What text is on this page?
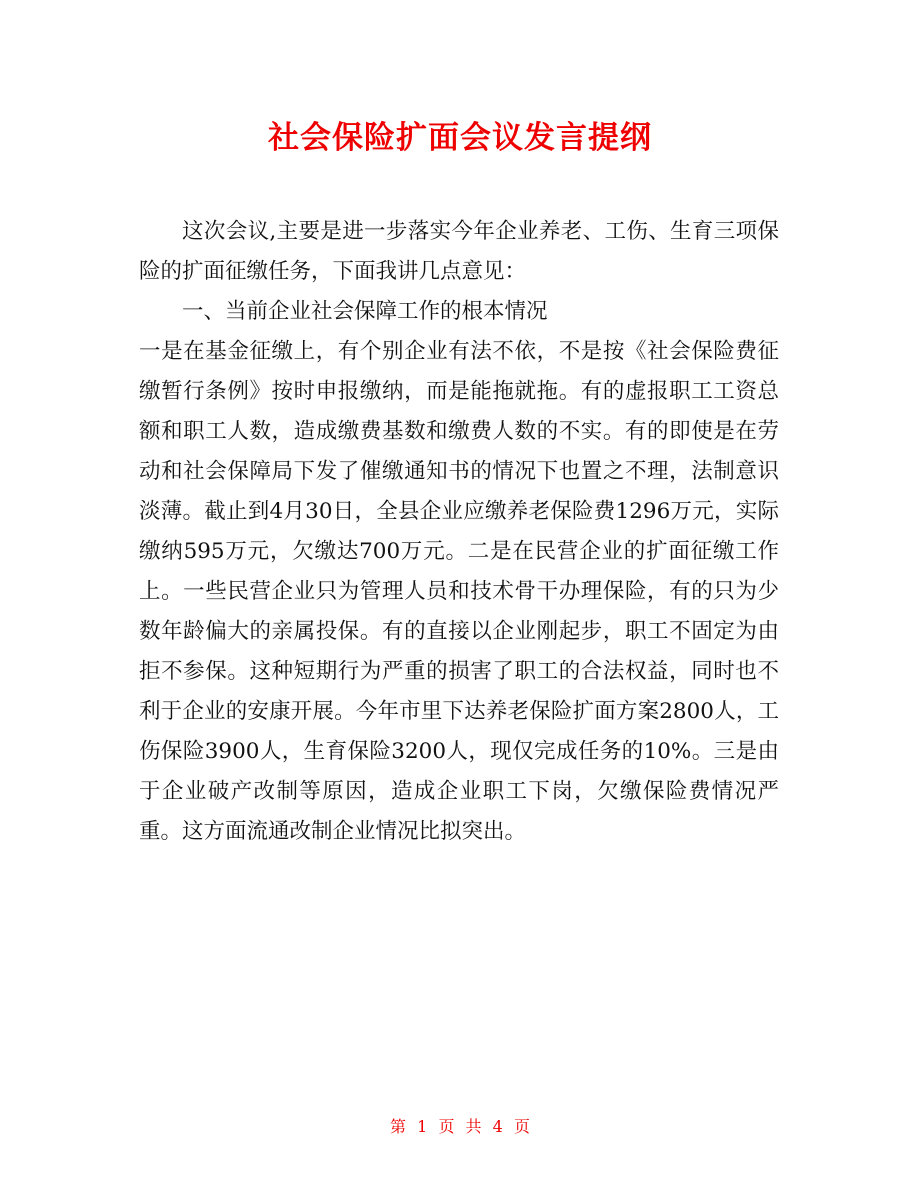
社会保险扩面会议发言提纲

这次会议,主要是进一步落实今年企业养老、工伤、生育三项保险的扩面征缴任务，下面我讲几点意见：

一、当前企业社会保障工作的根本情况

一是在基金征缴上，有个别企业有法不依，不是按《社会保险费征缴暂行条例》按时申报缴纳，而是能拖就拖。有的虚报职工工资总额和职工人数，造成缴费基数和缴费人数的不实。有的即使是在劳动和社会保障局下发了催缴通知书的情况下也置之不理，法制意识淡薄。截止到4月30日，全县企业应缴养老保险费1296万元，实际缴纳595万元，欠缴达700万元。二是在民营企业的扩面征缴工作上。一些民营企业只为管理人员和技术骨干办理保险，有的只为少数年龄偏大的亲属投保。有的直接以企业刚起步，职工不固定为由拒不参保。这种短期行为严重的损害了职工的合法权益，同时也不利于企业的安康开展。今年市里下达养老保险扩面方案2800人，工伤保险3900人，生育保险3200人，现仅完成任务的10%。三是由于企业破产改制等原因，造成企业职工下岗，欠缴保险费情况严重。这方面流通改制企业情况比拟突出。

第 1 页 共 4 页
